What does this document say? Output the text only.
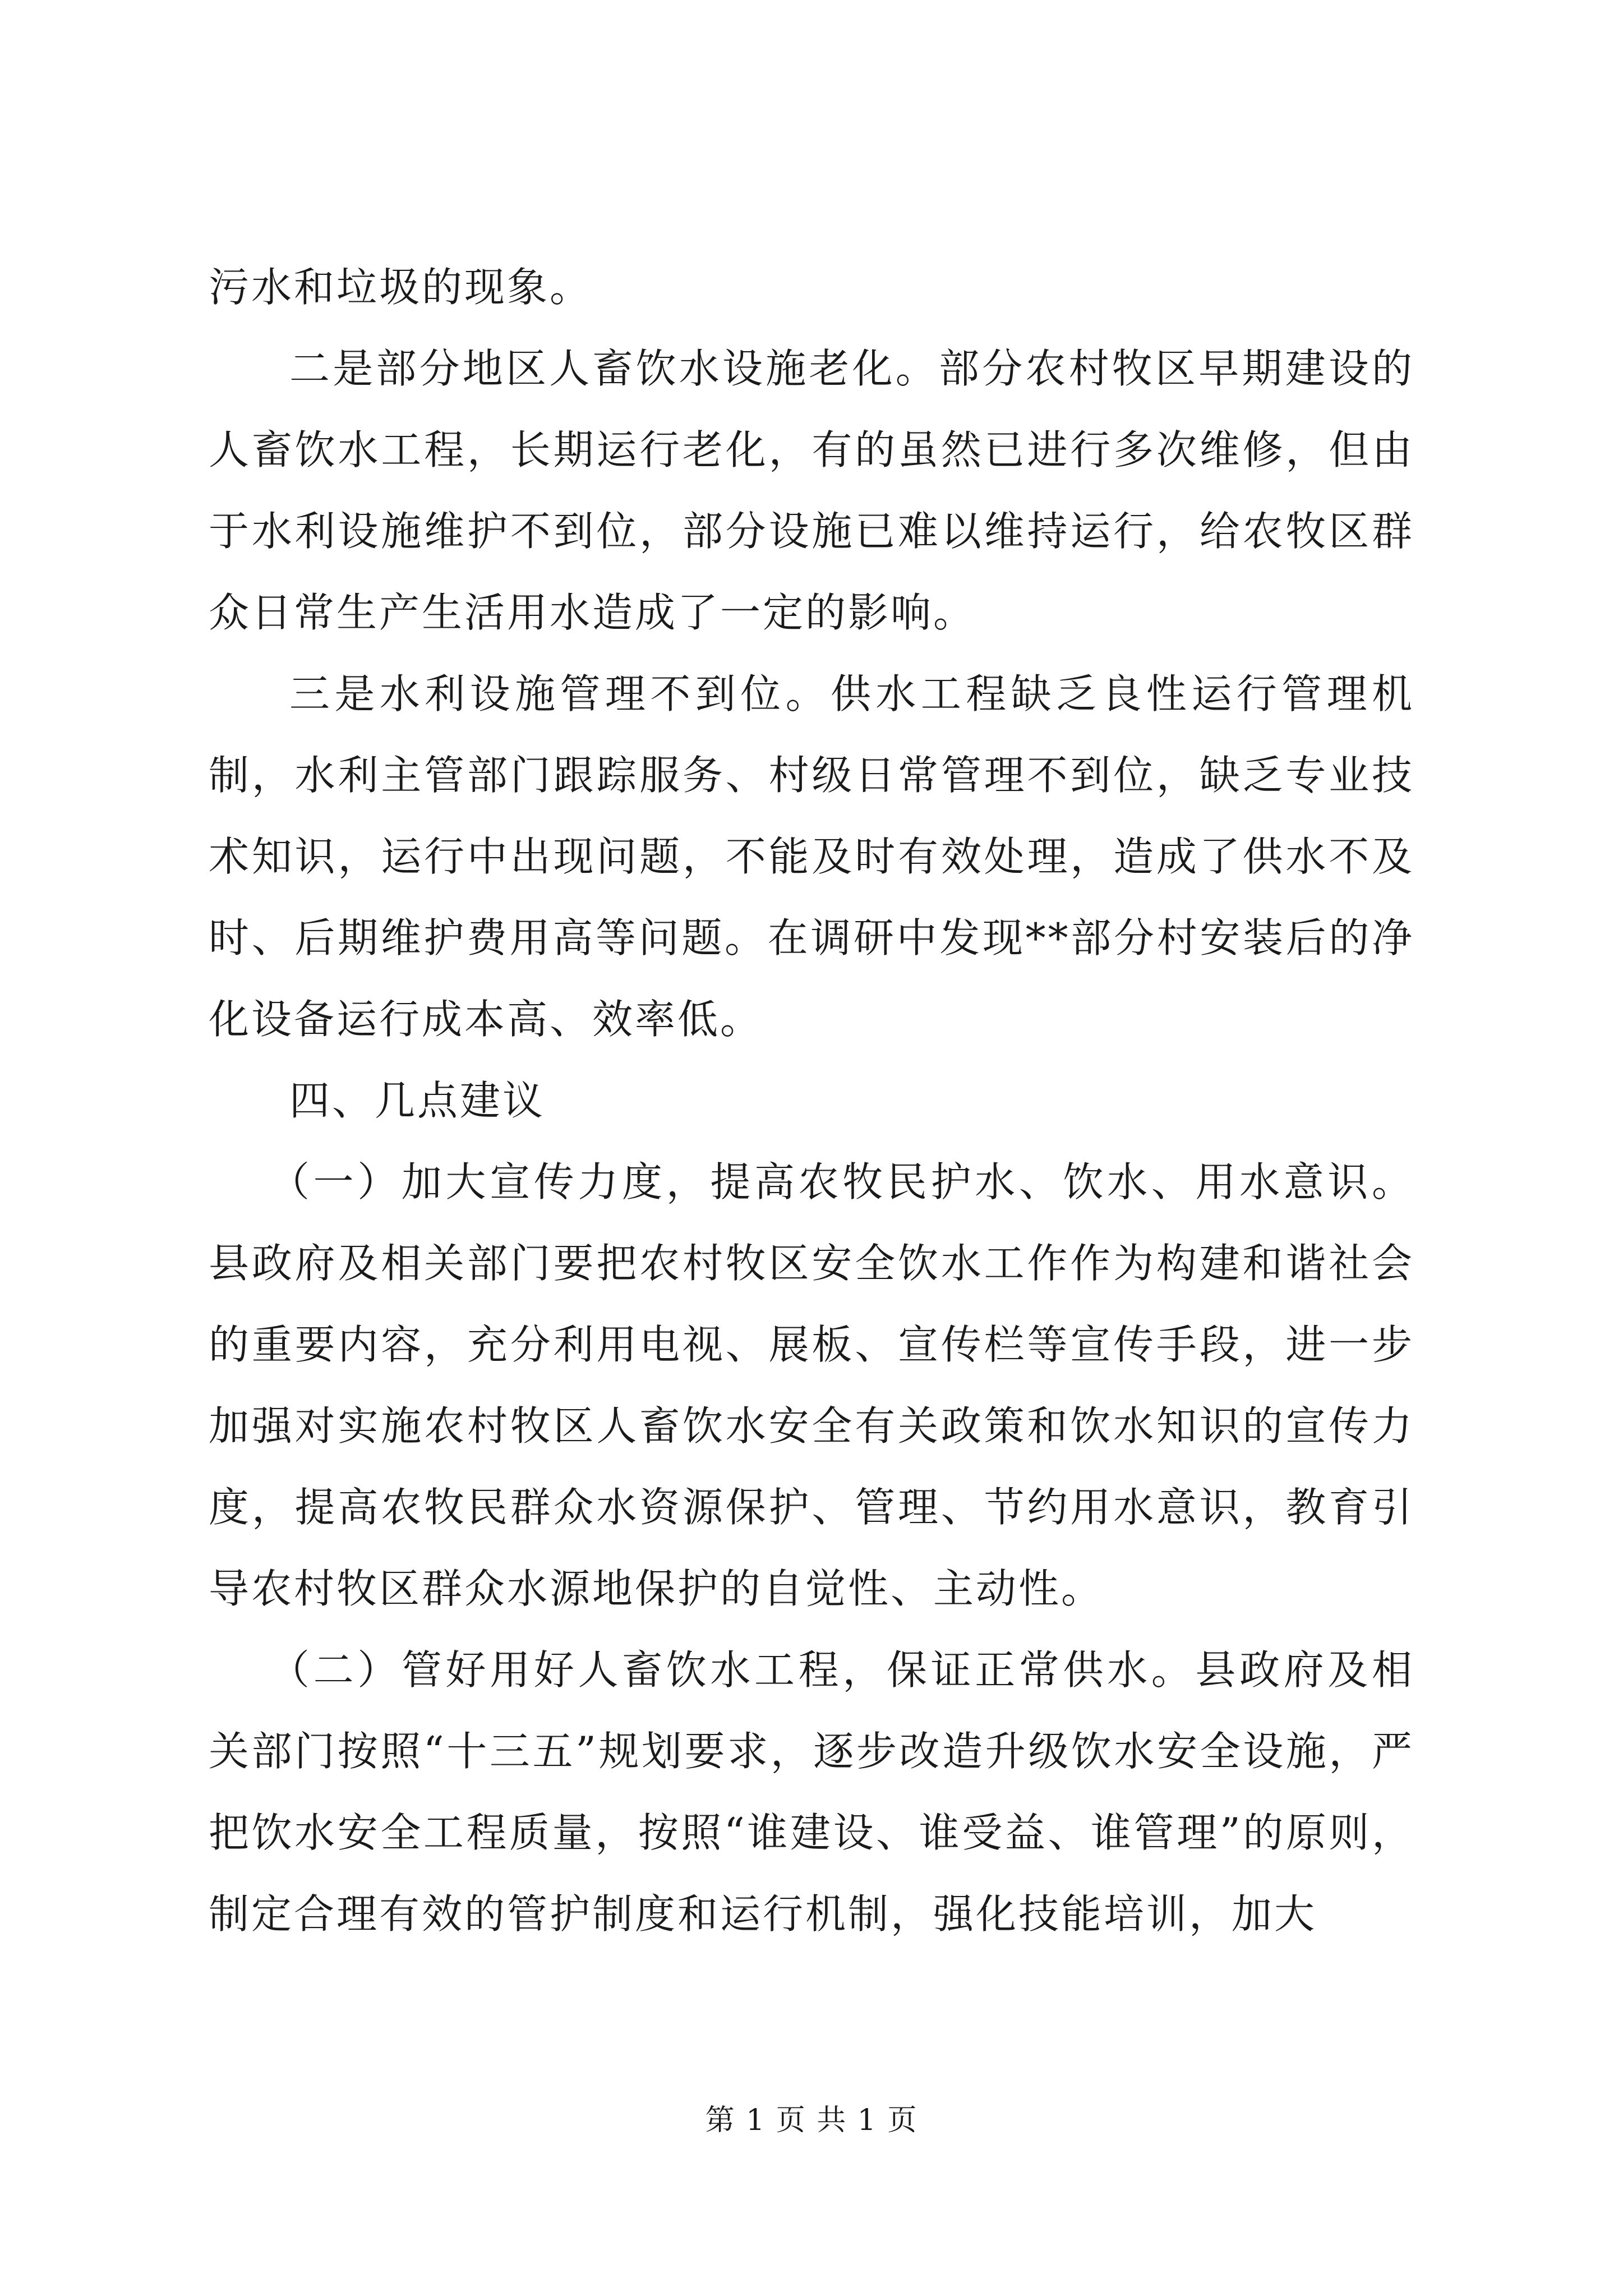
污水和垃圾的现象。

二是部分地区人畜饮水设施老化。部分农村牧区早期建设的人畜饮水工程，长期运行老化，有的虽然已进行多次维修，但由于水利设施维护不到位，部分设施已难以维持运行，给农牧区群众日常生产生活用水造成了一定的影响。

三是水利设施管理不到位。供水工程缺乏良性运行管理机制，水利主管部门跟踪服务、村级日常管理不到位，缺乏专业技术知识，运行中出现问题，不能及时有效处理，造成了供水不及时、后期维护费用高等问题。在调研中发现**部分村安装后的净化设备运行成本高、效率低。

四、几点建议

（一）加大宣传力度，提高农牧民护水、饮水、用水意识。县政府及相关部门要把农村牧区安全饮水工作作为构建和谐社会的重要内容，充分利用电视、展板、宣传栏等宣传手段，进一步加强对实施农村牧区人畜饮水安全有关政策和饮水知识的宣传力度，提高农牧民群众水资源保护、管理、节约用水意识，教育引导农村牧区群众水源地保护的自觉性、主动性。

（二）管好用好人畜饮水工程，保证正常供水。县政府及相关部门按照“十三五”规划要求，逐步改造升级饮水安全设施，严把饮水安全工程质量，按照“谁建设、谁受益、谁管理”的原则，制定合理有效的管护制度和运行机制，强化技能培训，加大

第 1 页 共 1 页
